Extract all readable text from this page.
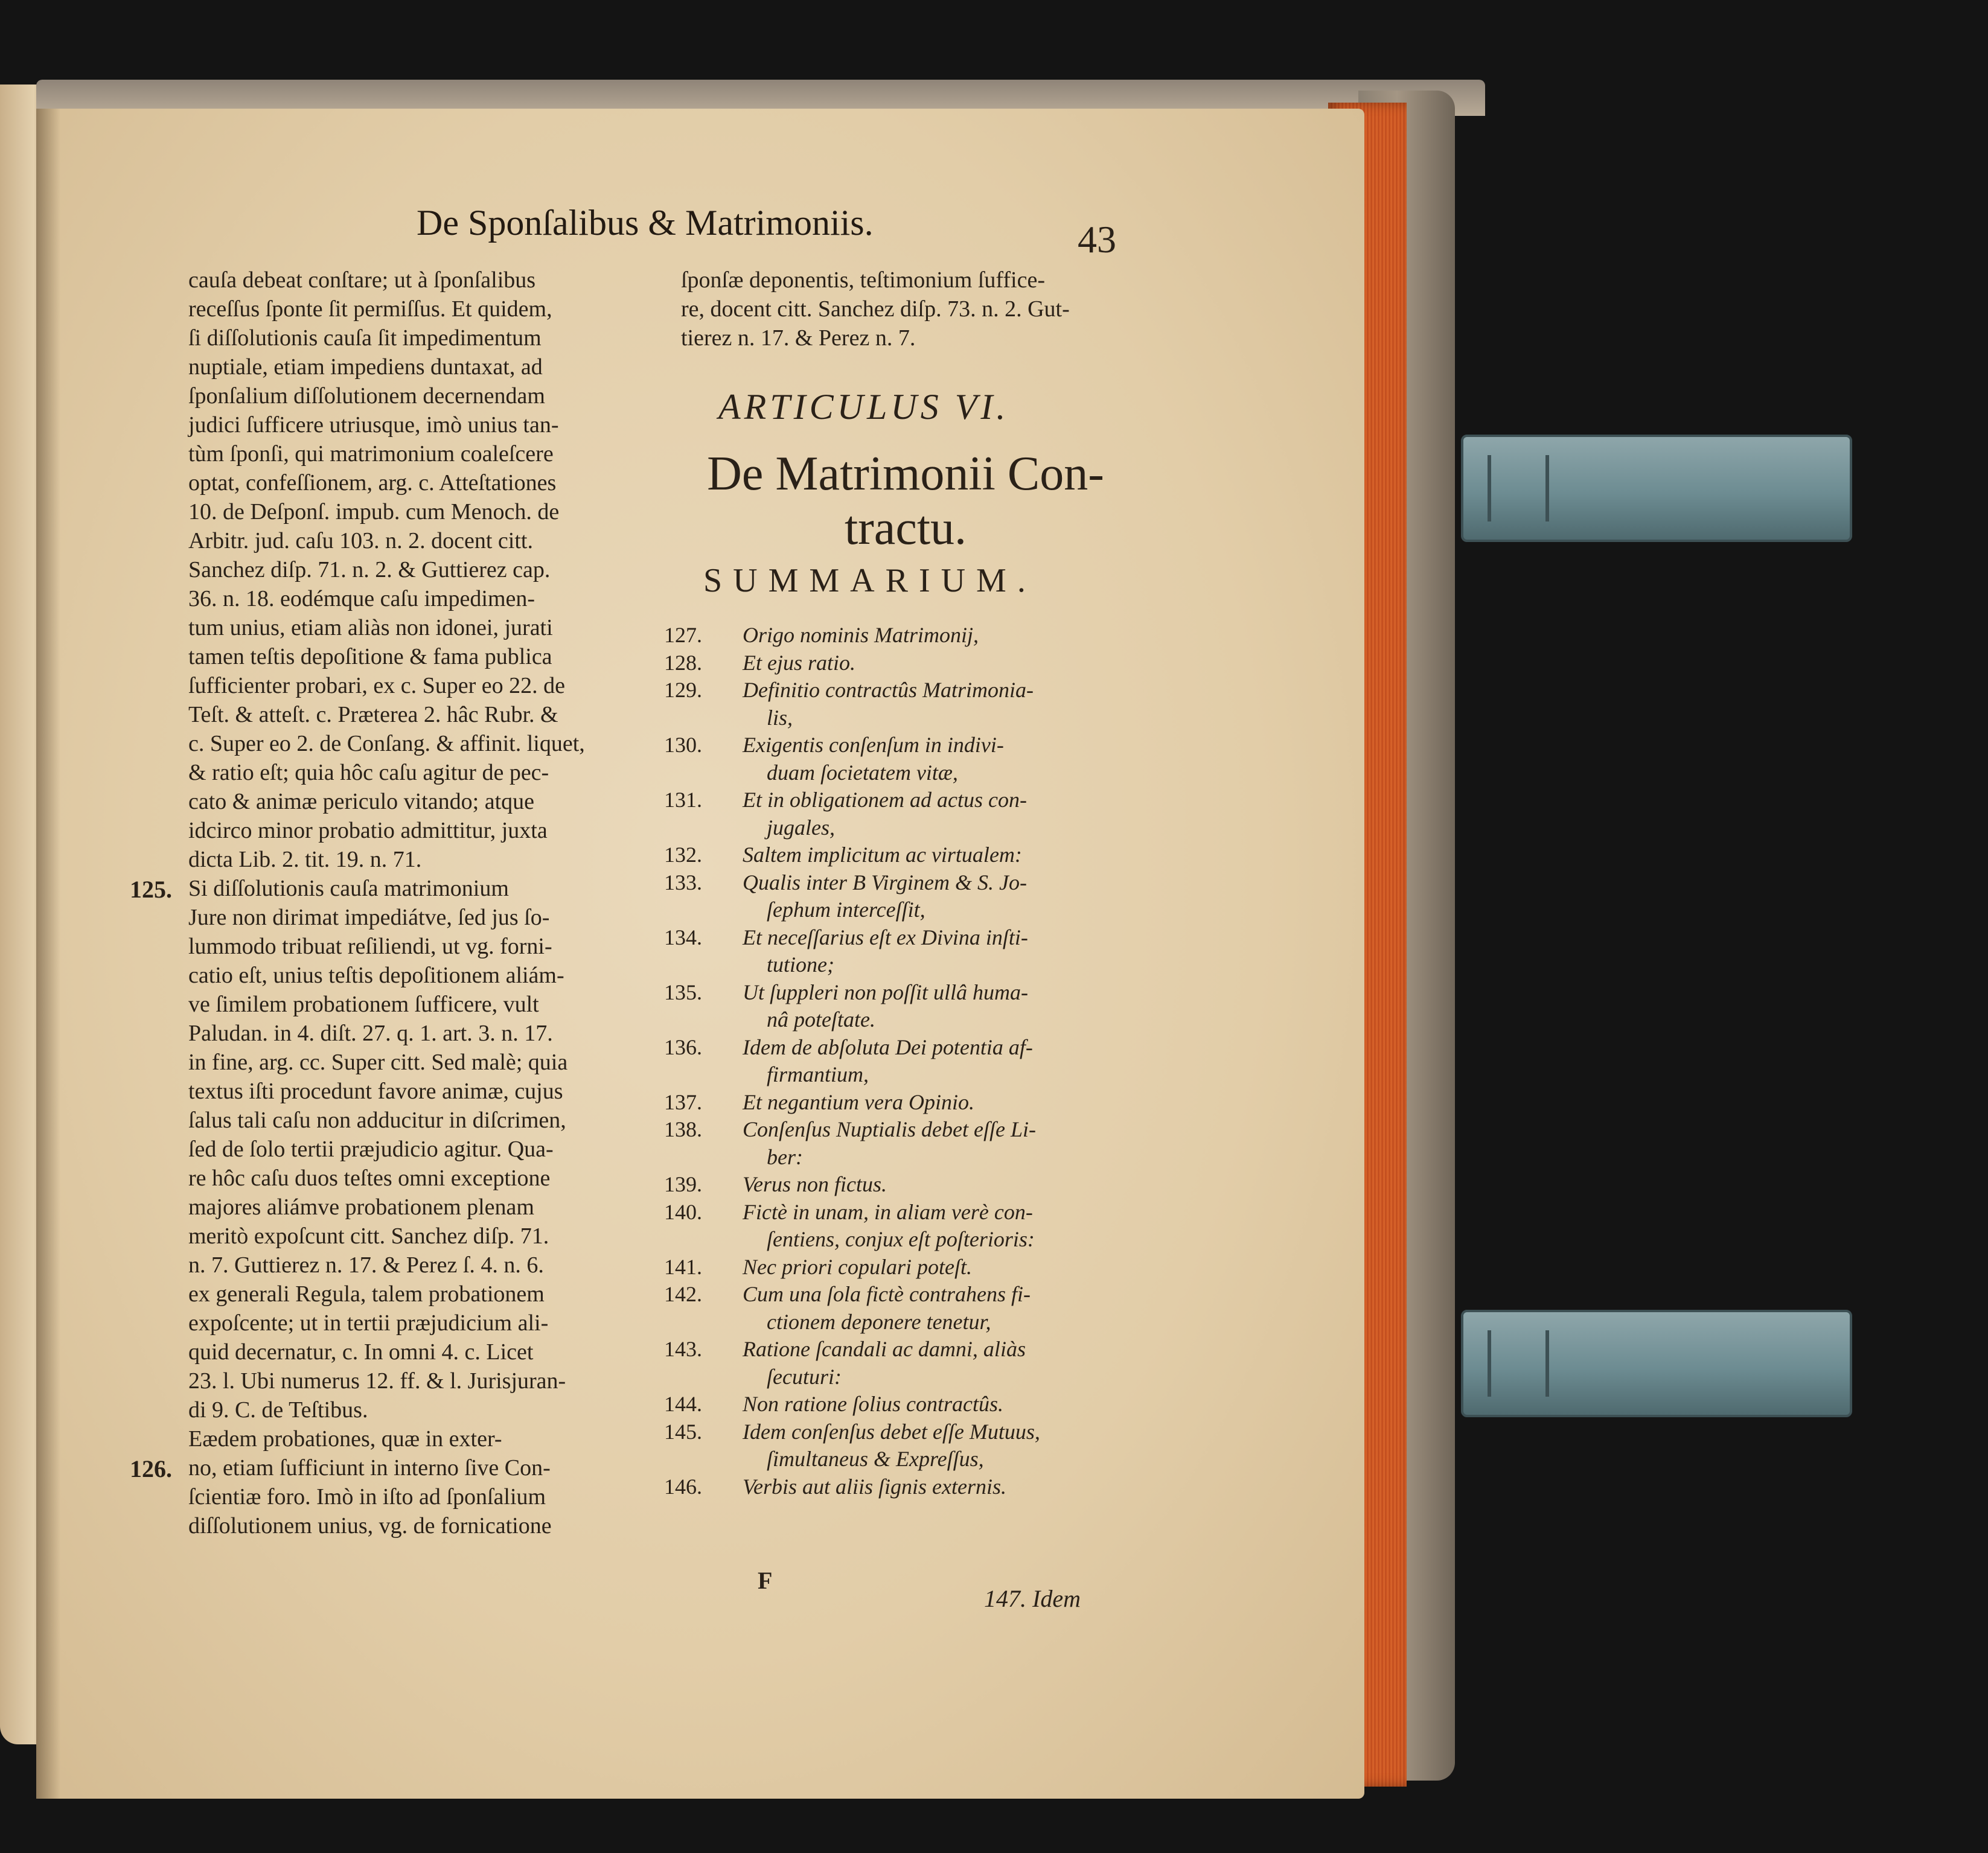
De Sponſalibus & Matrimoniis.	43
cauſa debeat conſtare; ut à ſponſalibus
receſſus ſponte ſit permiſſus. Et quidem,
ſi diſſolutionis cauſa ſit impedimentum
nuptiale, etiam impediens duntaxat, ad
ſponſalium diſſolutionem decernendam
judici ſufficere utriusque, imò unius tan-
tùm ſponſi, qui matrimonium coaleſcere
optat, confeſſionem, arg. c. Atteſtationes
10. de Deſponſ. impub. cum Menoch. de
Arbitr. jud. caſu 103. n. 2. docent citt.
Sanchez diſp. 71. n. 2. & Guttierez cap.
36. n. 18. eodémque caſu impedimen-
tum unius, etiam aliàs non idonei, jurati
tamen teſtis depoſitione & fama publica
ſufficienter probari, ex c. Super eo 22. de
Teſt. & atteſt. c. Præterea 2. hâc Rubr. &
c. Super eo 2. de Conſang. & affinit. liquet,
& ratio eſt; quia hôc caſu agitur de pec-
cato & animæ periculo vitando; atque
idcirco minor probatio admittitur, juxta
dicta Lib. 2. tit. 19. n. 71.
Si diſſolutionis cauſa matrimonium
Jure non dirimat impediátve, ſed jus ſo-
lummodo tribuat reſiliendi, ut vg. forni-
catio eſt, unius teſtis depoſitionem aliám-
ve ſimilem probationem ſufficere, vult
Paludan. in 4. diſt. 27. q. 1. art. 3. n. 17.
in fine, arg. cc. Super citt. Sed malè; quia
textus iſti procedunt favore animæ, cujus
ſalus tali caſu non adducitur in diſcrimen,
ſed de ſolo tertii præjudicio agitur. Qua-
re hôc caſu duos teſtes omni exceptione
majores aliámve probationem plenam
meritò expoſcunt citt. Sanchez diſp. 71.
n. 7. Guttierez n. 17. & Perez ſ. 4. n. 6.
ex generali Regula, talem probationem
expoſcente; ut in tertii præjudicium ali-
quid decernatur, c. In omni 4. c. Licet
23. l. Ubi numerus 12. ff. & l. Jurisjuran-
di 9. C. de Teſtibus.
Eædem probationes, quæ in exter-
no, etiam ſufficiunt in interno ſive Con-
ſcientiæ foro. Imò in iſto ad ſponſalium
diſſolutionem unius, vg. de fornicatione
125.
126.
ſponſæ deponentis, teſtimonium ſuffice-
re, docent citt. Sanchez diſp. 73. n. 2. Gut-
tierez n. 17. & Perez n. 7.
ARTICULUS VI.
De Matrimonii Con-
tractu.
SUMMARIUM.
127.	Origo nominis Matrimonij,
128.	Et ejus ratio.
129.	Definitio contractûs Matrimonia-
lis,
130.	Exigentis conſenſum in indivi-
duam ſocietatem vitæ,
131.	Et in obligationem ad actus con-
jugales,
132.	Saltem implicitum ac virtualem:
133.	Qualis inter B Virginem & S. Jo-
ſephum interceſſit,
134.	Et neceſſarius eſt ex Divina inſti-
tutione;
135.	Ut ſuppleri non poſſit ullâ huma-
nâ poteſtate.
136.	Idem de abſoluta Dei potentia af-
firmantium,
137.	Et negantium vera Opinio.
138.	Conſenſus Nuptialis debet eſſe Li-
ber:
139.	Verus non fictus.
140.	Fictè in unam, in aliam verè con-
ſentiens, conjux eſt poſterioris:
141.	Nec priori copulari poteſt.
142.	Cum una ſola fictè contrahens fi-
ctionem deponere tenetur,
143.	Ratione ſcandali ac damni, aliàs
ſecuturi:
144.	Non ratione ſolius contractûs.
145.	Idem conſenſus debet eſſe Mutuus,
ſimultaneus & Expreſſus,
146.	Verbis aut aliis ſignis externis.
F
147. Idem
